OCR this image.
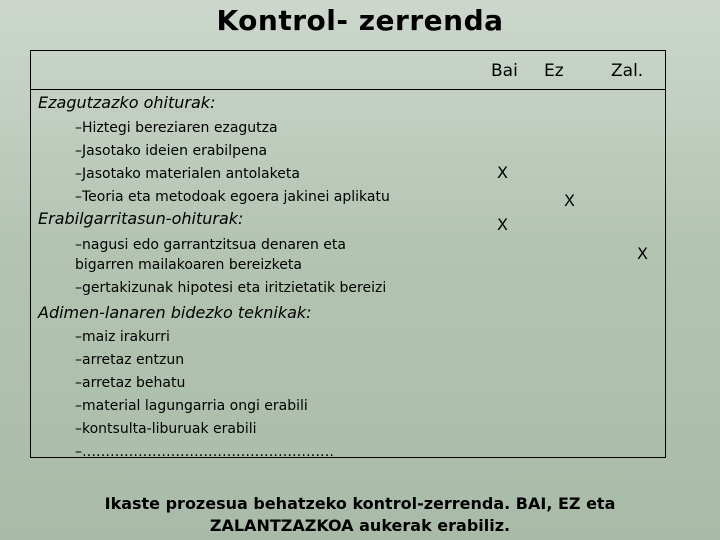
Kontrol- zerrenda
Bai Ez	Zal.
Ezagutzazko ohiturak:
–Hiztegi bereziaren ezagutza
–Jasotako ideien erabilpena
–Jasotako materialen antolaketa
–Teoria eta metodoak egoera jakinei aplikatu
Erabilgarritasun-ohiturak:
–nagusi edo garrantzitsua denaren eta bigarren mailakoaren bereizketa
–gertakizunak hipotesi eta iritzietatik bereizi
Adimen-lanaren bidezko teknikak:
–maiz irakurri
–arretaz entzun
–arretaz behatu
–material lagungarria ongi erabili
–kontsulta-liburuak erabili
–………………………………………………
X
X
X
X
Ikaste prozesua behatzeko kontrol-zerrenda. BAI, EZ eta
ZALANTZAZKOA aukerak erabiliz.
